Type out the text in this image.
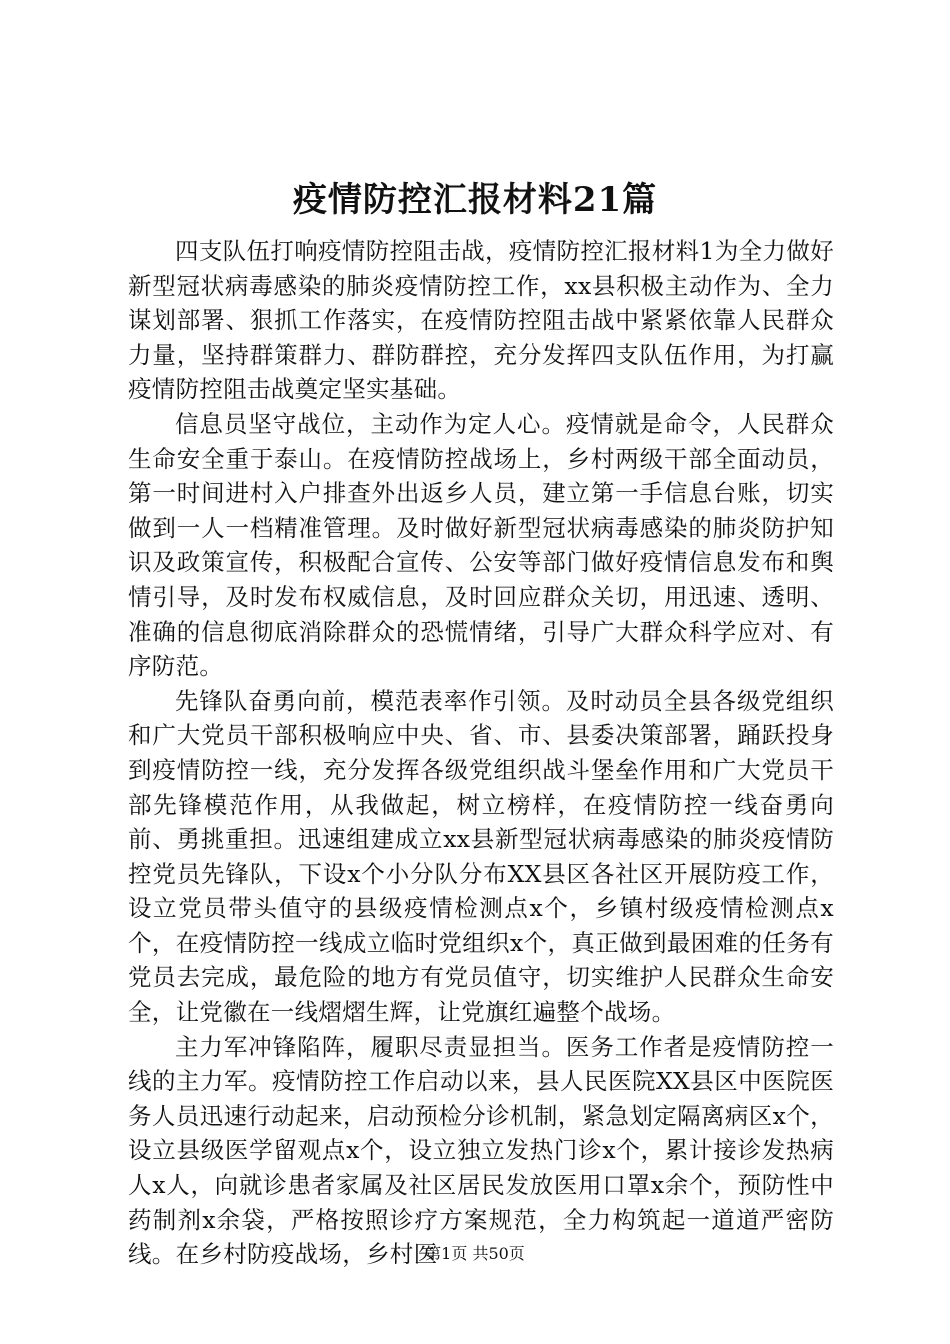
疫情防控汇报材料21篇

四支队伍打响疫情防控阻击战，疫情防控汇报材料1为全力做好新型冠状病毒感染的肺炎疫情防控工作，xx县积极主动作为、全力谋划部署、狠抓工作落实，在疫情防控阻击战中紧紧依靠人民群众力量，坚持群策群力、群防群控，充分发挥四支队伍作用，为打赢疫情防控阻击战奠定坚实基础。

信息员坚守战位，主动作为定人心。疫情就是命令，人民群众生命安全重于泰山。在疫情防控战场上，乡村两级干部全面动员，第一时间进村入户排查外出返乡人员，建立第一手信息台账，切实做到一人一档精准管理。及时做好新型冠状病毒感染的肺炎防护知识及政策宣传，积极配合宣传、公安等部门做好疫情信息发布和舆情引导，及时发布权威信息，及时回应群众关切，用迅速、透明、准确的信息彻底消除群众的恐慌情绪，引导广大群众科学应对、有序防范。

先锋队奋勇向前，模范表率作引领。及时动员全县各级党组织和广大党员干部积极响应中央、省、市、县委决策部署，踊跃投身到疫情防控一线，充分发挥各级党组织战斗堡垒作用和广大党员干部先锋模范作用，从我做起，树立榜样，在疫情防控一线奋勇向前、勇挑重担。迅速组建成立xx县新型冠状病毒感染的肺炎疫情防控党员先锋队，下设x个小分队分布XX县区各社区开展防疫工作，设立党员带头值守的县级疫情检测点x个，乡镇村级疫情检测点x个，在疫情防控一线成立临时党组织x个，真正做到最困难的任务有党员去完成，最危险的地方有党员值守，切实维护人民群众生命安全，让党徽在一线熠熠生辉，让党旗红遍整个战场。

主力军冲锋陷阵，履职尽责显担当。医务工作者是疫情防控一线的主力军。疫情防控工作启动以来，县人民医院XX县区中医院医务人员迅速行动起来，启动预检分诊机制，紧急划定隔离病区x个，设立县级医学留观点x个，设立独立发热门诊x个，累计接诊发热病人x人，向就诊患者家属及社区居民发放医用口罩x余个，预防性中药制剂x余袋，严格按照诊疗方案规范，全力构筑起一道道严密防线。在乡村防疫战场，乡村医

第1页 共50页
